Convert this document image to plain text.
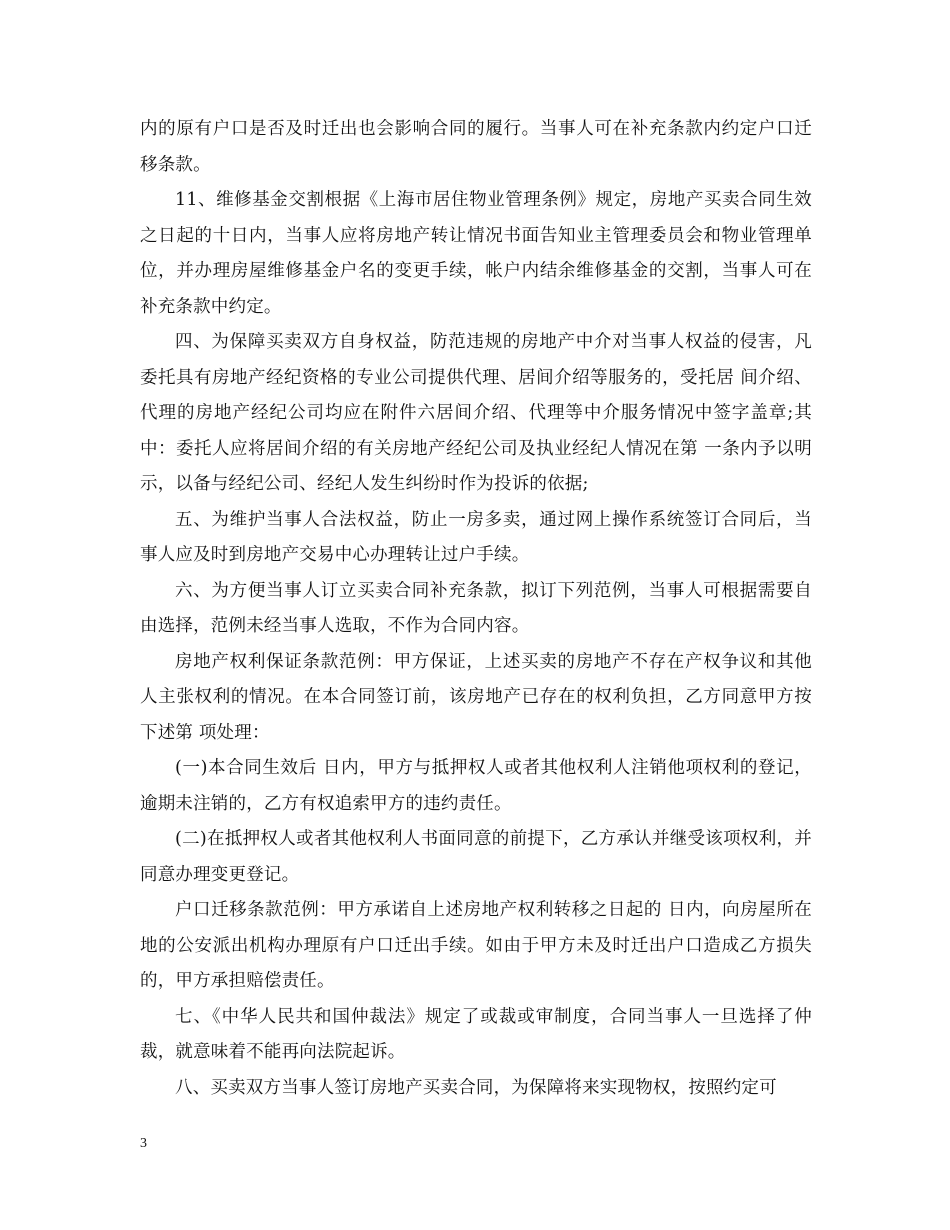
内的原有户口是否及时迁出也会影响合同的履行。当事人可在补充条款内约定户口迁移条款。

11、维修基金交割根据《上海市居住物业管理条例》规定，房地产买卖合同生效之日起的十日内，当事人应将房地产转让情况书面告知业主管理委员会和物业管理单位，并办理房屋维修基金户名的变更手续，帐户内结余维修基金的交割，当事人可在补充条款中约定。

四、为保障买卖双方自身权益，防范违规的房地产中介对当事人权益的侵害，凡委托具有房地产经纪资格的专业公司提供代理、居间介绍等服务的，受托居 间介绍、代理的房地产经纪公司均应在附件六居间介绍、代理等中介服务情况中签字盖章;其中：委托人应将居间介绍的有关房地产经纪公司及执业经纪人情况在第 一条内予以明示，以备与经纪公司、经纪人发生纠纷时作为投诉的依据;

五、为维护当事人合法权益，防止一房多卖，通过网上操作系统签订合同后，当事人应及时到房地产交易中心办理转让过户手续。

六、为方便当事人订立买卖合同补充条款，拟订下列范例，当事人可根据需要自由选择，范例未经当事人选取，不作为合同内容。

房地产权利保证条款范例：甲方保证，上述买卖的房地产不存在产权争议和其他人主张权利的情况。在本合同签订前，该房地产已存在的权利负担，乙方同意甲方按下述第 项处理：

(一)本合同生效后 日内，甲方与抵押权人或者其他权利人注销他项权利的登记，逾期未注销的，乙方有权追索甲方的违约责任。

(二)在抵押权人或者其他权利人书面同意的前提下，乙方承认并继受该项权利，并同意办理变更登记。

户口迁移条款范例：甲方承诺自上述房地产权利转移之日起的 日内，向房屋所在地的公安派出机构办理原有户口迁出手续。如由于甲方未及时迁出户口造成乙方损失的，甲方承担赔偿责任。

七、《中华人民共和国仲裁法》规定了或裁或审制度，合同当事人一旦选择了仲裁，就意味着不能再向法院起诉。

八、买卖双方当事人签订房地产买卖合同，为保障将来实现物权，按照约定可

3
